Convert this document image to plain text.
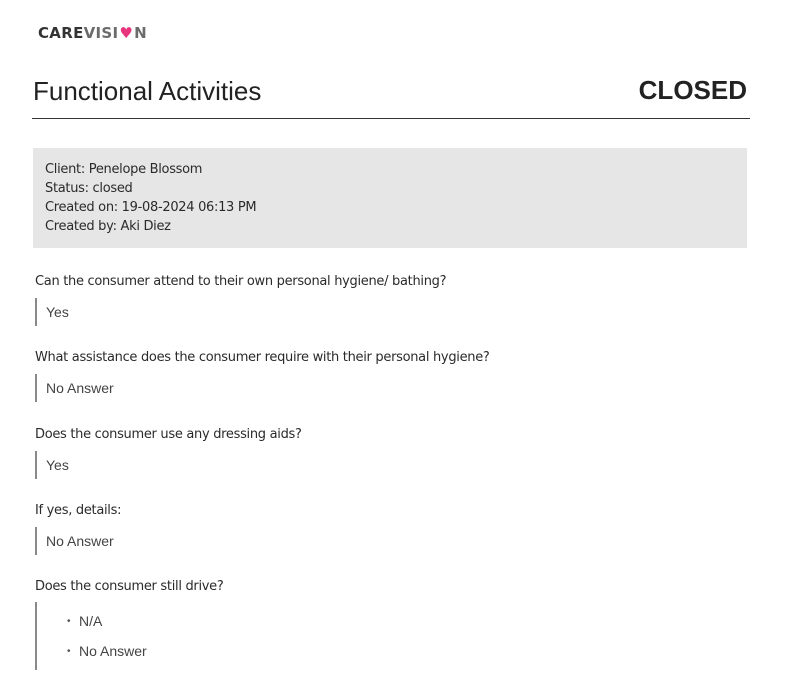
CARE VISI ♥ N
Functional Activities	CLOSED
Client: Penelope Blossom
Status: closed
Created on: 19-08-2024 06:13 PM
Created by: Aki Diez
Can the consumer attend to their own personal hygiene/ bathing?
Yes
What assistance does the consumer require with their personal hygiene?
No Answer
Does the consumer use any dressing aids?
Yes
If yes, details:
No Answer
Does the consumer still drive?
• N/A
• No Answer
